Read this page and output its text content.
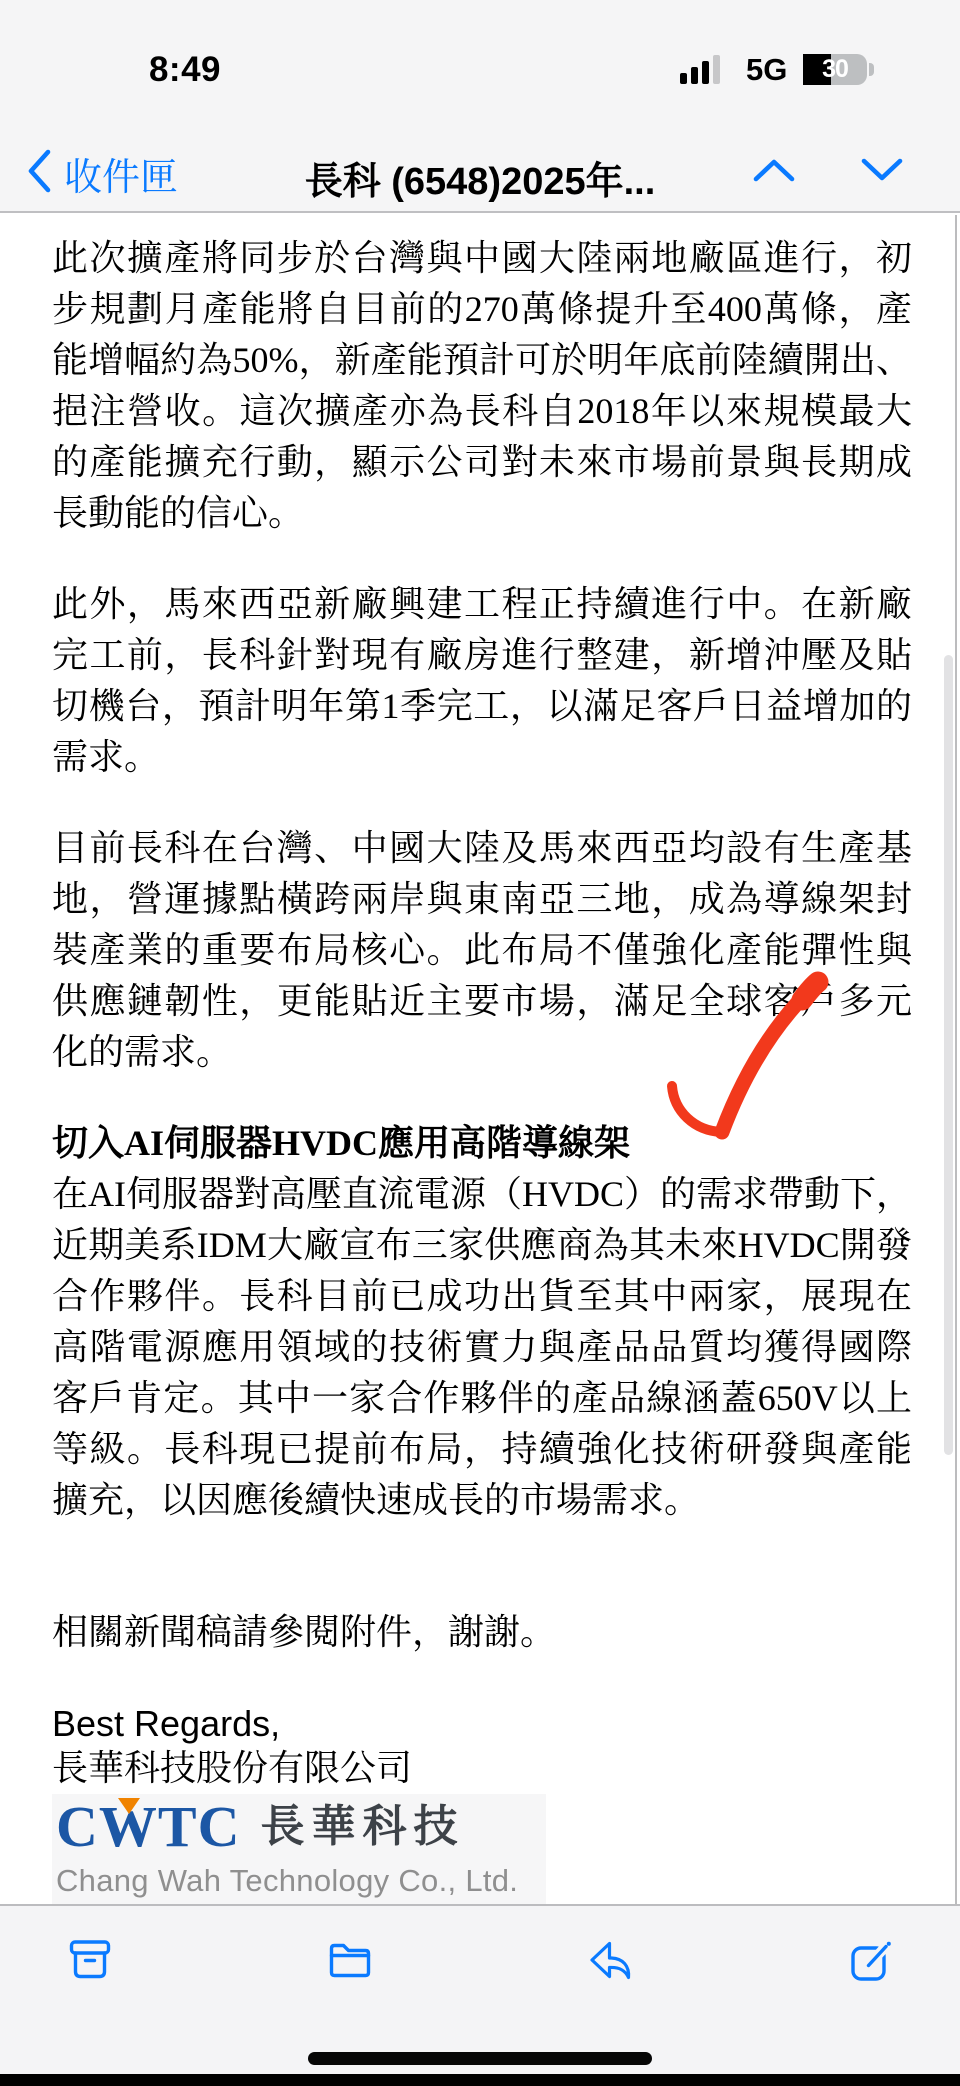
8:49	5G	30
收件匣	長科 (6548)2025年...

此次擴產將同步於台灣與中國大陸兩地廠區進行，初步規劃月產能將自目前的270萬條提升至400萬條，產能增幅約為50%，新產能預計可於明年底前陸續開出、挹注營收。這次擴產亦為長科自2018年以來規模最大的產能擴充行動，顯示公司對未來市場前景與長期成長動能的信心。

此外，馬來西亞新廠興建工程正持續進行中。在新廠完工前，長科針對現有廠房進行整建，新增沖壓及貼切機台，預計明年第1季完工，以滿足客戶日益增加的需求。

目前長科在台灣、中國大陸及馬來西亞均設有生產基地，營運據點橫跨兩岸與東南亞三地，成為導線架封裝產業的重要布局核心。此布局不僅強化產能彈性與供應鏈韌性，更能貼近主要市場，滿足全球客戶多元化的需求。

切入AI伺服器HVDC應用高階導線架

在AI伺服器對高壓直流電源（HVDC）的需求帶動下，近期美系IDM大廠宣布三家供應商為其未來HVDC開發合作夥伴。長科目前已成功出貨至其中兩家，展現在高階電源應用領域的技術實力與產品品質均獲得國際客戶肯定。其中一家合作夥伴的產品線涵蓋650V以上等級。長科現已提前布局，持續強化技術研發與產能擴充，以因應後續快速成長的市場需求。

相關新聞稿請參閱附件，謝謝。

Best Regards,
長華科技股份有限公司
CWTC 長華科技
Chang Wah Technology Co., Ltd.
